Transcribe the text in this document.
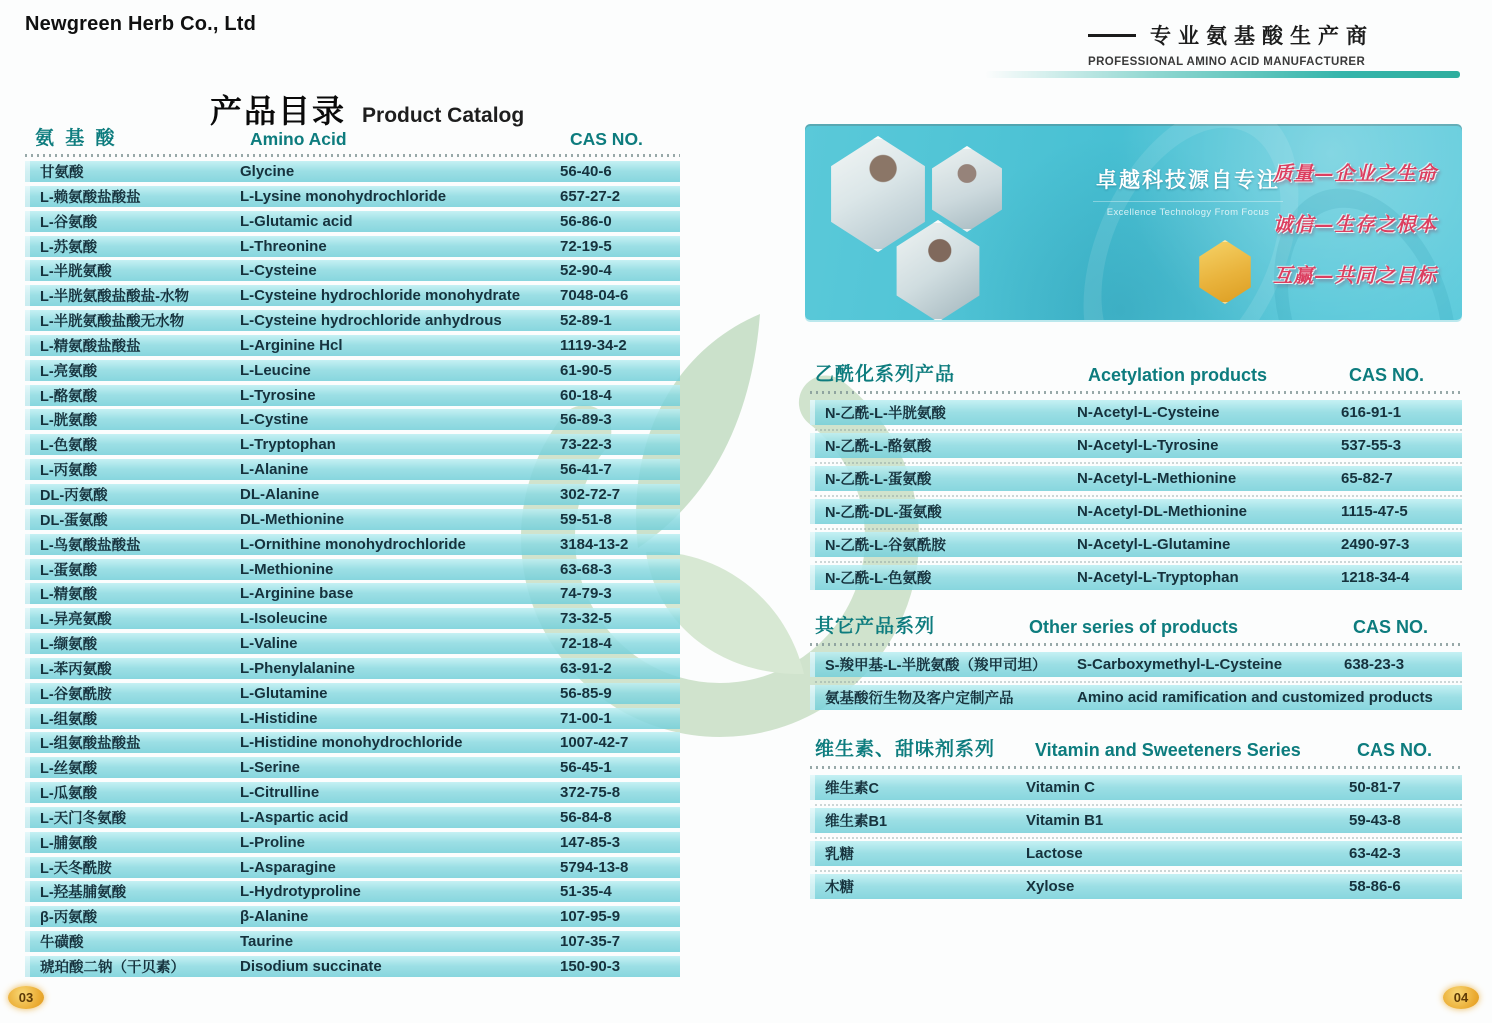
Newgreen Herb Co., Ltd
专业氨基酸生产商
PROFESSIONAL AMINO ACID MANUFACTURER
产品目录 Product Catalog
氨 基 酸	Amino Acid	CAS NO.
甘氨酸	Glycine	56-40-6
L-赖氨酸盐酸盐	L-Lysine monohydrochloride	657-27-2
L-谷氨酸	L-Glutamic acid	56-86-0
L-苏氨酸	L-Threonine	72-19-5
L-半胱氨酸	L-Cysteine	52-90-4
L-半胱氨酸盐酸盐-水物	L-Cysteine hydrochloride monohydrate	7048-04-6
L-半胱氨酸盐酸无水物	L-Cysteine hydrochloride anhydrous	52-89-1
L-精氨酸盐酸盐	L-Arginine Hcl	1119-34-2
L-亮氨酸	L-Leucine	61-90-5
L-酪氨酸	L-Tyrosine	60-18-4
L-胱氨酸	L-Cystine	56-89-3
L-色氨酸	L-Tryptophan	73-22-3
L-丙氨酸	L-Alanine	56-41-7
DL-丙氨酸	DL-Alanine	302-72-7
DL-蛋氨酸	DL-Methionine	59-51-8
L-鸟氨酸盐酸盐	L-Ornithine monohydrochloride	3184-13-2
L-蛋氨酸	L-Methionine	63-68-3
L-精氨酸	L-Arginine base	74-79-3
L-异亮氨酸	L-Isoleucine	73-32-5
L-缬氨酸	L-Valine	72-18-4
L-苯丙氨酸	L-Phenylalanine	63-91-2
L-谷氨酰胺	L-Glutamine	56-85-9
L-组氨酸	L-Histidine	71-00-1
L-组氨酸盐酸盐	L-Histidine monohydrochloride	1007-42-7
L-丝氨酸	L-Serine	56-45-1
L-瓜氨酸	L-Citrulline	372-75-8
L-天门冬氨酸	L-Aspartic acid	56-84-8
L-脯氨酸	L-Proline	147-85-3
L-天冬酰胺	L-Asparagine	5794-13-8
L-羟基脯氨酸	L-Hydrotyproline	51-35-4
β-丙氨酸	β-Alanine	107-95-9
牛磺酸	Taurine	107-35-7
琥珀酸二钠（干贝素）	Disodium succinate	150-90-3
卓越科技源自专注
Excellence Technology From Focus
质量—企业之生命
诚信—生存之根本
互赢—共同之目标
乙酰化系列产品	Acetylation products	CAS NO.
N-乙酰-L-半胱氨酸	N-Acetyl-L-Cysteine	616-91-1
N-乙酰-L-酪氨酸	N-Acetyl-L-Tyrosine	537-55-3
N-乙酰-L-蛋氨酸	N-Acetyl-L-Methionine	65-82-7
N-乙酰-DL-蛋氨酸	N-Acetyl-DL-Methionine	1115-47-5
N-乙酰-L-谷氨酰胺	N-Acetyl-L-Glutamine	2490-97-3
N-乙酰-L-色氨酸	N-Acetyl-L-Tryptophan	1218-34-4
其它产品系列	Other series of products	CAS NO.
S-羧甲基-L-半胱氨酸（羧甲司坦）	S-Carboxymethyl-L-Cysteine	638-23-3
氨基酸衍生物及客户定制产品	Amino acid ramification and customized products
维生素、甜味剂系列	Vitamin and Sweeteners Series	CAS NO.
维生素C	Vitamin C	50-81-7
维生素B1	Vitamin B1	59-43-8
乳糖	Lactose	63-42-3
木糖	Xylose	58-86-6
03	04
